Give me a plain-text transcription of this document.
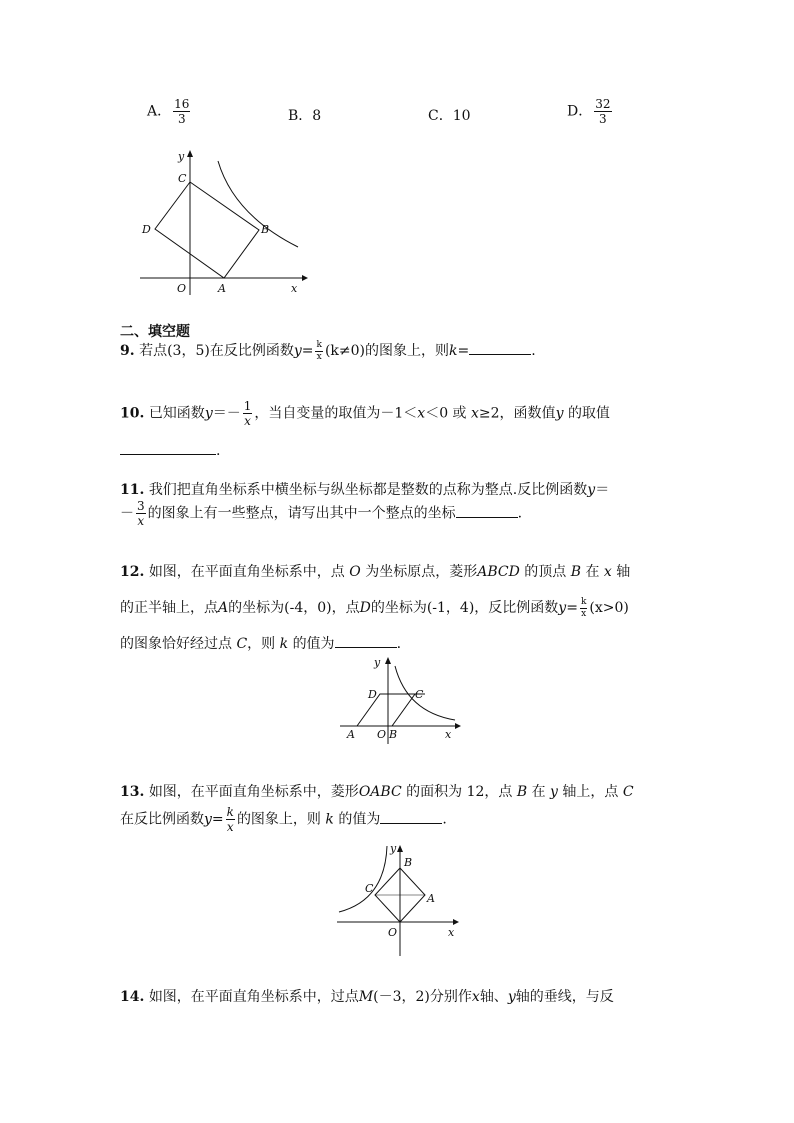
A． $\frac{16}{3}$	B．8	C．10	D． $\frac{32}{3}$
y
C
D	B
O	A	x
二、填空题
9. 若点(3，5)在反比例函数$y= \frac{k}{x} (k\ne 0)$的图象上，则k=	.
10. 已知函数$y=- \frac{1}{x}$ ，当自变量的取值为－1＜x＜0 或 x≥2，函数值y 的取值
.
11. 我们把直角坐标系中横坐标与纵坐标都是整数的点称为整点.反比例函数y＝
－ $\frac{3}{x}$ 的图象上有一些整点，请写出其中一个整点的坐标	.
12. 如图，在平面直角坐标系中，点 O 为坐标原点，菱形ABCD 的顶点 B 在 x 轴
的正半轴上，点A的坐标为(-4，0)，点D的坐标为(-1，4)，反比例函数$y= \frac{k}{x} (x>0)$
的图象恰好经过点 C，则 k 的值为	.
y
D	C
A O B	x
13. 如图，在平面直角坐标系中，菱形OABC 的面积为 12，点 B 在 y 轴上，点 C
在反比例函数$y= \frac{k}{x}$ 的图象上，则 k 的值为	.
y
B
C
A
O	x
14. 如图，在平面直角坐标系中，过点M(－3，2)分别作x轴、y轴的垂线，与反
